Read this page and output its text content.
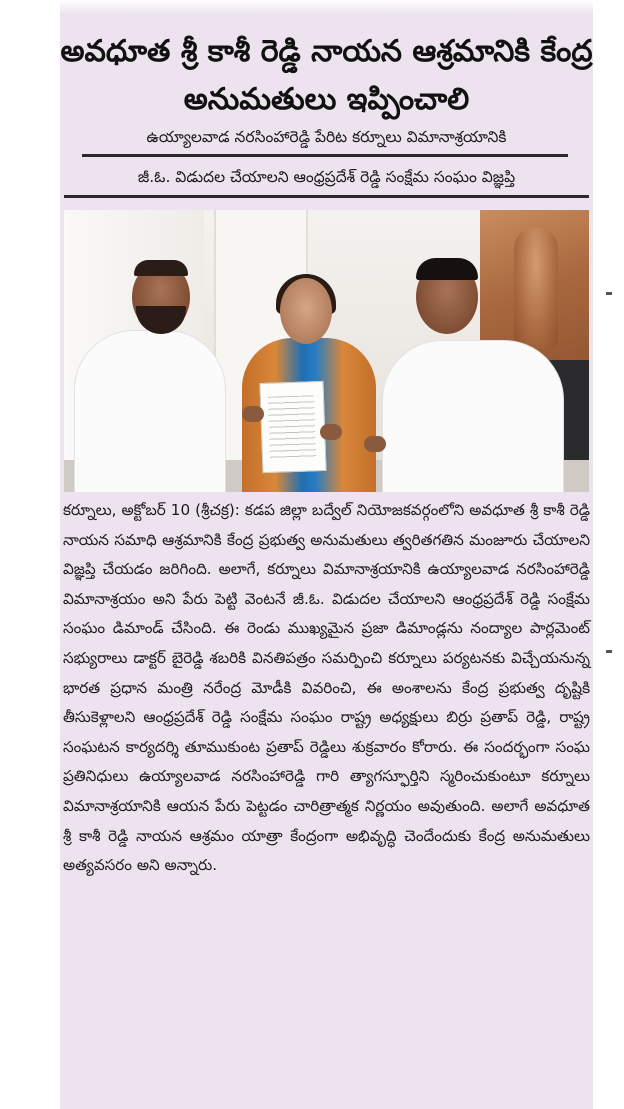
అవధూత శ్రీ కాశీ రెడ్డి నాయన ఆశ్రమానికి కేంద్ర అనుమతులు ఇప్పించాలి
ఉయ్యాలవాడ నరసింహారెడ్డి పేరిట కర్నూలు విమానాశ్రయానికి
జీ.ఓ. విడుదల చేయాలని ఆంధ్రప్రదేశ్ రెడ్డి సంక్షేమ సంఘం విజ్ఞప్తి

కర్నూలు, అక్టోబర్ 10 (శ్రీచక్ర): కడప జిల్లా బద్వేల్ నియోజకవర్గంలోని అవధూత శ్రీ కాశీ రెడ్డి నాయన సమాధి ఆశ్రమానికి కేంద్ర ప్రభుత్వ అనుమతులు త్వరితగతిన మంజూరు చేయాలని విజ్ఞప్తి చేయడం జరిగింది. అలాగే, కర్నూలు విమానాశ్రయానికి ఉయ్యాలవాడ నరసింహారెడ్డి విమానాశ్రయం అని పేరు పెట్టి వెంటనే జీ.ఓ. విడుదల చేయాలని ఆంధ్రప్రదేశ్ రెడ్డి సంక్షేమ సంఘం డిమాండ్ చేసింది. ఈ రెండు ముఖ్యమైన ప్రజా డిమాండ్లను నంద్యాల పార్లమెంట్ సభ్యురాలు డాక్టర్ బైరెడ్డి శబరికి వినతిపత్రం సమర్పించి కర్నూలు పర్యటనకు విచ్చేయనున్న భారత ప్రధాన మంత్రి నరేంద్ర మోడీకి వివరించి, ఈ అంశాలను కేంద్ర ప్రభుత్వ దృష్టికి తీసుకెళ్లాలని ఆంధ్రప్రదేశ్ రెడ్డి సంక్షేమ సంఘం రాష్ట్ర అధ్యక్షులు బిర్రు ప్రతాప్ రెడ్డి, రాష్ట్ర సంఘటన కార్యదర్శి తూముకుంట ప్రతాప్ రెడ్డిలు శుక్రవారం కోరారు. ఈ సందర్భంగా సంఘ ప్రతినిధులు ఉయ్యాలవాడ నరసింహారెడ్డి గారి త్యాగస్ఫూర్తిని స్మరించుకుంటూ కర్నూలు విమానాశ్రయానికి ఆయన పేరు పెట్టడం చారిత్రాత్మక నిర్ణయం అవుతుంది. అలాగే అవధూత శ్రీ కాశీ రెడ్డి నాయన ఆశ్రమం యాత్రా కేంద్రంగా అభివృద్ధి చెందేందుకు కేంద్ర అనుమతులు అత్యవసరం అని అన్నారు.
